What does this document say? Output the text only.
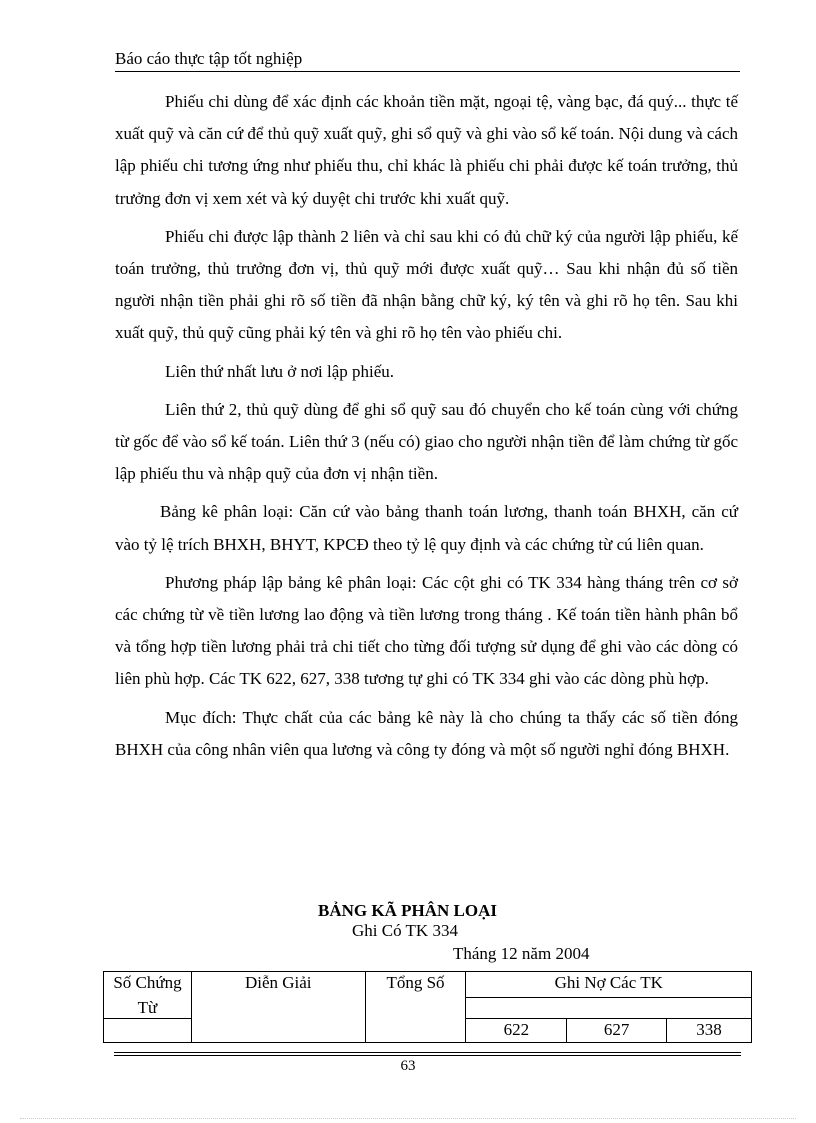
Báo cáo thực tập tốt nghiệp

Phiếu chi dùng để xác định các khoản tiền mặt, ngoại tệ, vàng bạc, đá quý... thực tế xuất quỹ và căn cứ để thủ quỹ xuất quỹ, ghi sổ quỹ và ghi vào sổ kế toán. Nội dung và cách lập phiếu chi tương ứng như phiếu thu, chỉ khác là phiếu chi phải được kế toán trưởng, thủ trưởng đơn vị xem xét và ký duyệt chi trước khi xuất quỹ.

Phiếu chi được lập thành 2 liên và chỉ sau khi có đủ chữ ký của người lập phiếu, kế toán trưởng, thủ trưởng đơn vị, thủ quỹ mới được xuất quỹ… Sau khi nhận đủ số tiền người nhận tiền phải ghi rõ số tiền đã nhận bằng chữ ký, ký tên và ghi rõ họ tên. Sau khi xuất quỹ, thủ quỹ cũng phải ký tên và ghi rõ họ tên vào phiếu chi.

Liên thứ nhất lưu ở nơi lập phiếu.

Liên thứ 2, thủ quỹ dùng để ghi sổ quỹ sau đó chuyển cho kế toán cùng với chứng từ gốc để vào sổ kế toán. Liên thứ 3 (nếu có) giao cho người nhận tiền để làm chứng từ gốc lập phiếu thu và nhập quỹ của đơn vị nhận tiền.

Bảng kê phân loại: Căn cứ vào bảng thanh toán lương, thanh toán BHXH, căn cứ vào tỷ lệ trích BHXH, BHYT, KPCĐ theo tỷ lệ quy định và các chứng từ cú liên quan.

Phương pháp lập bảng kê phân loại: Các cột ghi có TK 334 hàng tháng trên cơ sở các chứng từ về tiền lương lao động và tiền lương trong tháng . Kế toán tiền hành phân bổ và tổng hợp tiền lương phải trả chi tiết cho từng đối tượng sử dụng để ghi vào các dòng có liên phù hợp. Các TK 622, 627, 338 tương tự ghi có TK 334 ghi vào các dòng phù hợp.

Mục đích: Thực chất của các bảng kê này là cho chúng ta thấy các số tiền đóng BHXH của công nhân viên qua lương và công ty đóng và một số người nghỉ đóng BHXH.

BẢNG KÃ PHÂN LOẠI
Ghi Có TK 334
Tháng 12 năm 2004
Số Chứng
Từ	Diễn Giải	Tổng Số	Ghi Nợ Các TK		

			622	627	338
63
